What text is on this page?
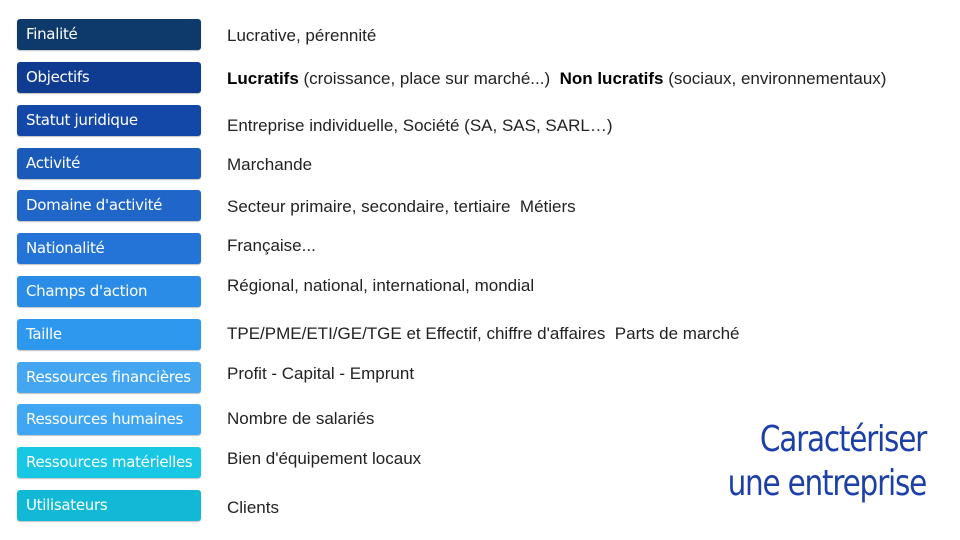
Finalité	Lucrative, pérennité
Objectifs	Lucratifs (croissance, place sur marché...)  Non lucratifs (sociaux, environnementaux)
Statut juridique	Entreprise individuelle, Société (SA, SAS, SARL…)
Activité	Marchande
Domaine d'activité	Secteur primaire, secondaire, tertiaire  Métiers
Nationalité	Française...
Champs d'action	Régional, national, international, mondial
Taille	TPE/PME/ETI/GE/TGE et Effectif, chiffre d'affaires  Parts de marché
Ressources financières	Profit - Capital - Emprunt
Ressources humaines	Nombre de salariés
Ressources matérielles	Bien d'équipement locaux
Utilisateurs	Clients
Caractériser
une entreprise
